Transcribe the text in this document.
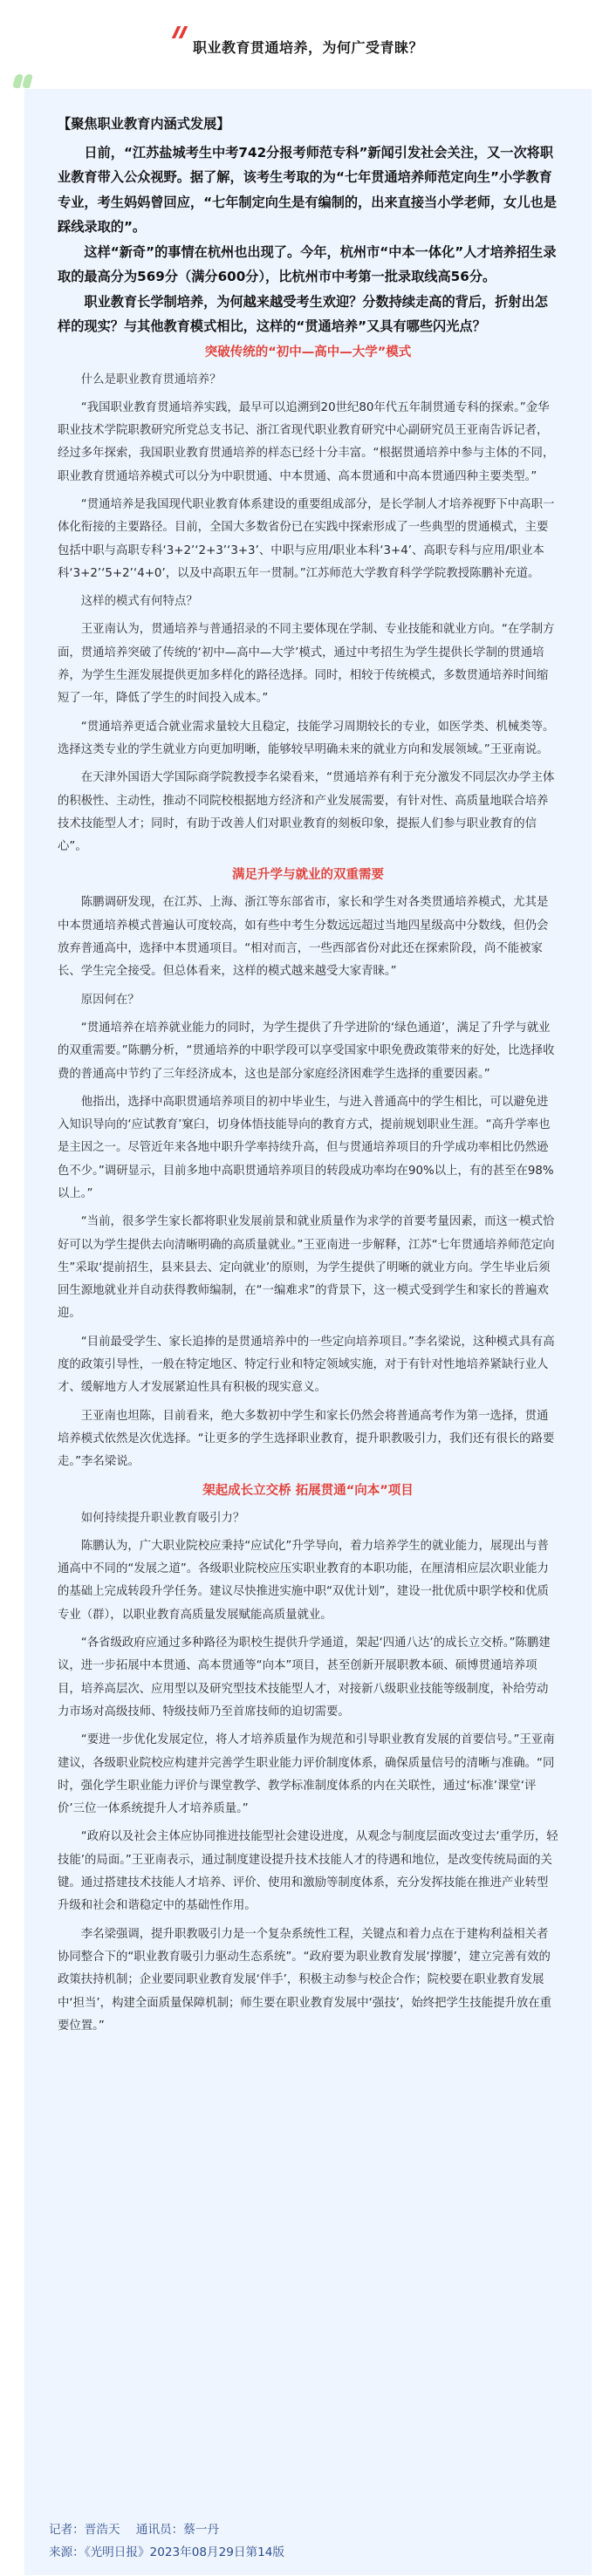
职业教育贯通培养，为何广受青睐？

【聚焦职业教育内涵式发展】

日前，“江苏盐城考生中考742分报考师范专科”新闻引发社会关注，又一次将职业教育带入公众视野。据了解，该考生考取的为“七年贯通培养师范定向生”小学教育专业，考生妈妈曾回应，“七年制定向生是有编制的，出来直接当小学老师，女儿也是踩线录取的”。

这样“新奇”的事情在杭州也出现了。今年，杭州市“中本一体化”人才培养招生录取的最高分为569分（满分600分），比杭州市中考第一批录取线高56分。

职业教育长学制培养，为何越来越受考生欢迎？分数持续走高的背后，折射出怎样的现实？与其他教育模式相比，这样的“贯通培养”又具有哪些闪光点？

突破传统的“初中—高中—大学”模式

什么是职业教育贯通培养？

“我国职业教育贯通培养实践，最早可以追溯到20世纪80年代五年制贯通专科的探索。”金华职业技术学院职教研究所党总支书记、浙江省现代职业教育研究中心副研究员王亚南告诉记者，经过多年探索，我国职业教育贯通培养的样态已经十分丰富。“根据贯通培养中参与主体的不同，职业教育贯通培养模式可以分为中职贯通、中本贯通、高本贯通和中高本贯通四种主要类型。”

“贯通培养是我国现代职业教育体系建设的重要组成部分，是长学制人才培养视野下中高职一体化衔接的主要路径。目前，全国大多数省份已在实践中探索形成了一些典型的贯通模式，主要包括中职与高职专科‘3+2’‘2+3’‘3+3’、中职与应用/职业本科‘3+4’、高职专科与应用/职业本科‘3+2’‘5+2’‘4+0’，以及中高职五年一贯制。”江苏师范大学教育科学学院教授陈鹏补充道。

这样的模式有何特点？

王亚南认为，贯通培养与普通招录的不同主要体现在学制、专业技能和就业方向。“在学制方面，贯通培养突破了传统的‘初中—高中—大学’模式，通过中考招生为学生提供长学制的贯通培养，为学生生涯发展提供更加多样化的路径选择。同时，相较于传统模式，多数贯通培养时间缩短了一年，降低了学生的时间投入成本。”

“贯通培养更适合就业需求量较大且稳定，技能学习周期较长的专业，如医学类、机械类等。选择这类专业的学生就业方向更加明晰，能够较早明确未来的就业方向和发展领域。”王亚南说。

在天津外国语大学国际商学院教授李名梁看来，“贯通培养有利于充分激发不同层次办学主体的积极性、主动性，推动不同院校根据地方经济和产业发展需要，有针对性、高质量地联合培养技术技能型人才；同时，有助于改善人们对职业教育的刻板印象，提振人们参与职业教育的信心”。

满足升学与就业的双重需要

陈鹏调研发现，在江苏、上海、浙江等东部省市，家长和学生对各类贯通培养模式，尤其是中本贯通培养模式普遍认可度较高，如有些中考生分数远远超过当地四星级高中分数线，但仍会放弃普通高中，选择中本贯通项目。“相对而言，一些西部省份对此还在探索阶段，尚不能被家长、学生完全接受。但总体看来，这样的模式越来越受大家青睐。”

原因何在？

“贯通培养在培养就业能力的同时，为学生提供了升学进阶的‘绿色通道’，满足了升学与就业的双重需要。”陈鹏分析，“贯通培养的中职学段可以享受国家中职免费政策带来的好处，比选择收费的普通高中节约了三年经济成本，这也是部分家庭经济困难学生选择的重要因素。”

他指出，选择中高职贯通培养项目的初中毕业生，与进入普通高中的学生相比，可以避免进入知识导向的‘应试教育’窠臼，切身体悟技能导向的教育方式，提前规划职业生涯。“高升学率也是主因之一。尽管近年来各地中职升学率持续升高，但与贯通培养项目的升学成功率相比仍然逊色不少。”调研显示，目前多地中高职贯通培养项目的转段成功率均在90%以上，有的甚至在98%以上。”

“当前，很多学生家长都将职业发展前景和就业质量作为求学的首要考量因素，而这一模式恰好可以为学生提供去向清晰明确的高质量就业。”王亚南进一步解释，江苏“七年贯通培养师范定向生”采取‘提前招生，县来县去、定向就业’的原则，为学生提供了明晰的就业方向。学生毕业后须回生源地就业并自动获得教师编制，在“一编难求”的背景下，这一模式受到学生和家长的普遍欢迎。

“目前最受学生、家长追捧的是贯通培养中的一些定向培养项目。”李名梁说，这种模式具有高度的政策引导性，一般在特定地区、特定行业和特定领域实施，对于有针对性地培养紧缺行业人才、缓解地方人才发展紧迫性具有积极的现实意义。

王亚南也坦陈，目前看来，绝大多数初中学生和家长仍然会将普通高考作为第一选择，贯通培养模式依然是次优选择。“让更多的学生选择职业教育，提升职教吸引力，我们还有很长的路要走。”李名梁说。

架起成长立交桥 拓展贯通“向本”项目

如何持续提升职业教育吸引力？

陈鹏认为，广大职业院校应秉持“应试化”升学导向，着力培养学生的就业能力，展现出与普通高中不同的“发展之道”。各级职业院校应压实职业教育的本职功能，在厘清相应层次职业能力的基础上完成转段升学任务。建议尽快推进实施中职“双优计划”，建设一批优质中职学校和优质专业（群），以职业教育高质量发展赋能高质量就业。

“各省级政府应通过多种路径为职校生提供升学通道，架起‘四通八达’的成长立交桥。”陈鹏建议，进一步拓展中本贯通、高本贯通等“向本”项目，甚至创新开展职教本硕、硕博贯通培养项目，培养高层次、应用型以及研究型技术技能型人才，对接新八级职业技能等级制度，补给劳动力市场对高级技师、特级技师乃至首席技师的迫切需要。

“要进一步优化发展定位，将人才培养质量作为规范和引导职业教育发展的首要信号。”王亚南建议，各级职业院校应构建并完善学生职业能力评价制度体系，确保质量信号的清晰与准确。“同时，强化学生职业能力评价与课堂教学、教学标准制度体系的内在关联性，通过‘标准’课堂‘评价’三位一体系统提升人才培养质量。”

“政府以及社会主体应协同推进技能型社会建设进度，从观念与制度层面改变过去‘重学历，轻技能’的局面。”王亚南表示，通过制度建设提升技术技能人才的待遇和地位，是改变传统局面的关键。通过搭建技术技能人才培养、评价、使用和激励等制度体系，充分发挥技能在推进产业转型升级和社会和谐稳定中的基础性作用。

李名梁强调，提升职教吸引力是一个复杂系统性工程，关键点和着力点在于建构利益相关者协同整合下的“职业教育吸引力驱动生态系统”。“政府要为职业教育发展‘撑腰’，建立完善有效的政策扶持机制；企业要同职业教育发展‘伴手’，积极主动参与校企合作；院校要在职业教育发展中‘担当’，构建全面质量保障机制；师生要在职业教育发展中‘强技’，始终把学生技能提升放在重要位置。”

记者：晋浩天 通讯员：蔡一丹
来源：《光明日报》2023年08月29日第14版
